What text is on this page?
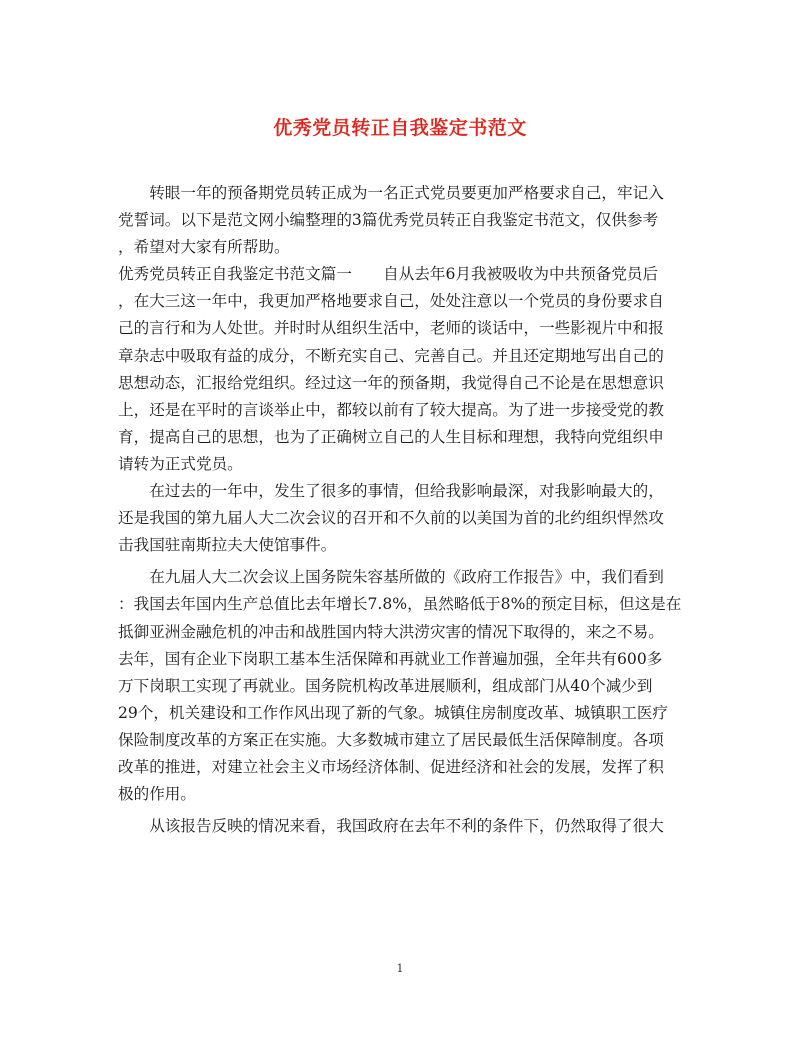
优秀党员转正自我鉴定书范文
　　转眼一年的预备期党员转正成为一名正式党员要更加严格要求自己，牢记入
党誓词。以下是范文网小编整理的3篇优秀党员转正自我鉴定书范文，仅供参考
，希望对大家有所帮助。
优秀党员转正自我鉴定书范文篇一　　自从去年6月我被吸收为中共预备党员后
，在大三这一年中，我更加严格地要求自己，处处注意以一个党员的身份要求自
己的言行和为人处世。并时时从组织生活中，老师的谈话中，一些影视片中和报
章杂志中吸取有益的成分，不断充实自己、完善自己。并且还定期地写出自己的
思想动态，汇报给党组织。经过这一年的预备期，我觉得自己不论是在思想意识
上，还是在平时的言谈举止中，都较以前有了较大提高。为了进一步接受党的教
育，提高自己的思想，也为了正确树立自己的人生目标和理想，我特向党组织申
请转为正式党员。
　　在过去的一年中，发生了很多的事情，但给我影响最深，对我影响最大的，
还是我国的第九届人大二次会议的召开和不久前的以美国为首的北约组织悍然攻
击我国驻南斯拉夫大使馆事件。
　　在九届人大二次会议上国务院朱容基所做的《政府工作报告》中，我们看到
：我国去年国内生产总值比去年增长7.8%，虽然略低于8%的预定目标，但这是在
抵御亚洲金融危机的冲击和战胜国内特大洪涝灾害的情况下取得的，来之不易。
去年，国有企业下岗职工基本生活保障和再就业工作普遍加强，全年共有600多
万下岗职工实现了再就业。国务院机构改革进展顺利，组成部门从40个减少到
29个，机关建设和工作作风出现了新的气象。城镇住房制度改革、城镇职工医疗
保险制度改革的方案正在实施。大多数城市建立了居民最低生活保障制度。各项
改革的推进，对建立社会主义市场经济体制、促进经济和社会的发展，发挥了积
极的作用。
　　从该报告反映的情况来看，我国政府在去年不利的条件下，仍然取得了很大
1
